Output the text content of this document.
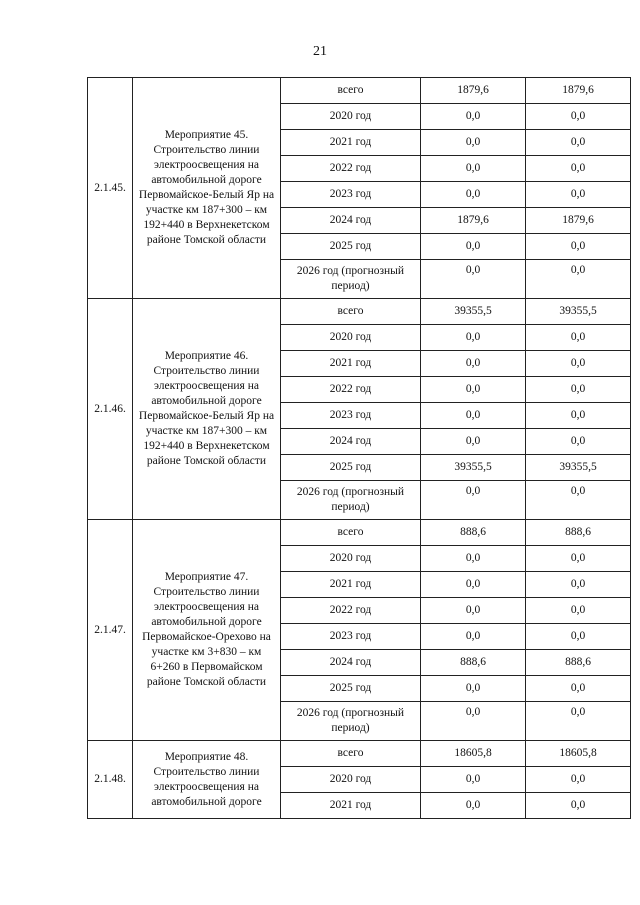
21
2.1.45.	Мероприятие 45. Строительство линии электроосвещения на автомобильной дороге Первомайское-Белый Яр на участке км 187+300 – км 192+440 в Верхнекетском районе Томской области	всего	1879,6	1879,6
		2020 год	0,0	0,0
		2021 год	0,0	0,0
		2022 год	0,0	0,0
		2023 год	0,0	0,0
		2024 год	1879,6	1879,6
		2025 год	0,0	0,0
		2026 год (прогнозный период)	0,0	0,0
2.1.46.	Мероприятие 46. Строительство линии электроосвещения на автомобильной дороге Первомайское-Белый Яр на участке км 187+300 – км 192+440 в Верхнекетском районе Томской области	всего	39355,5	39355,5
		2020 год	0,0	0,0
		2021 год	0,0	0,0
		2022 год	0,0	0,0
		2023 год	0,0	0,0
		2024 год	0,0	0,0
		2025 год	39355,5	39355,5
		2026 год (прогнозный период)	0,0	0,0
2.1.47.	Мероприятие 47. Строительство линии электроосвещения на автомобильной дороге Первомайское-Орехово на участке км 3+830 – км 6+260 в Первомайском районе Томской области	всего	888,6	888,6
		2020 год	0,0	0,0
		2021 год	0,0	0,0
		2022 год	0,0	0,0
		2023 год	0,0	0,0
		2024 год	888,6	888,6
		2025 год	0,0	0,0
		2026 год (прогнозный период)	0,0	0,0
2.1.48.	Мероприятие 48. Строительство линии электроосвещения на автомобильной дороге	всего	18605,8	18605,8
		2020 год	0,0	0,0
		2021 год	0,0	0,0
